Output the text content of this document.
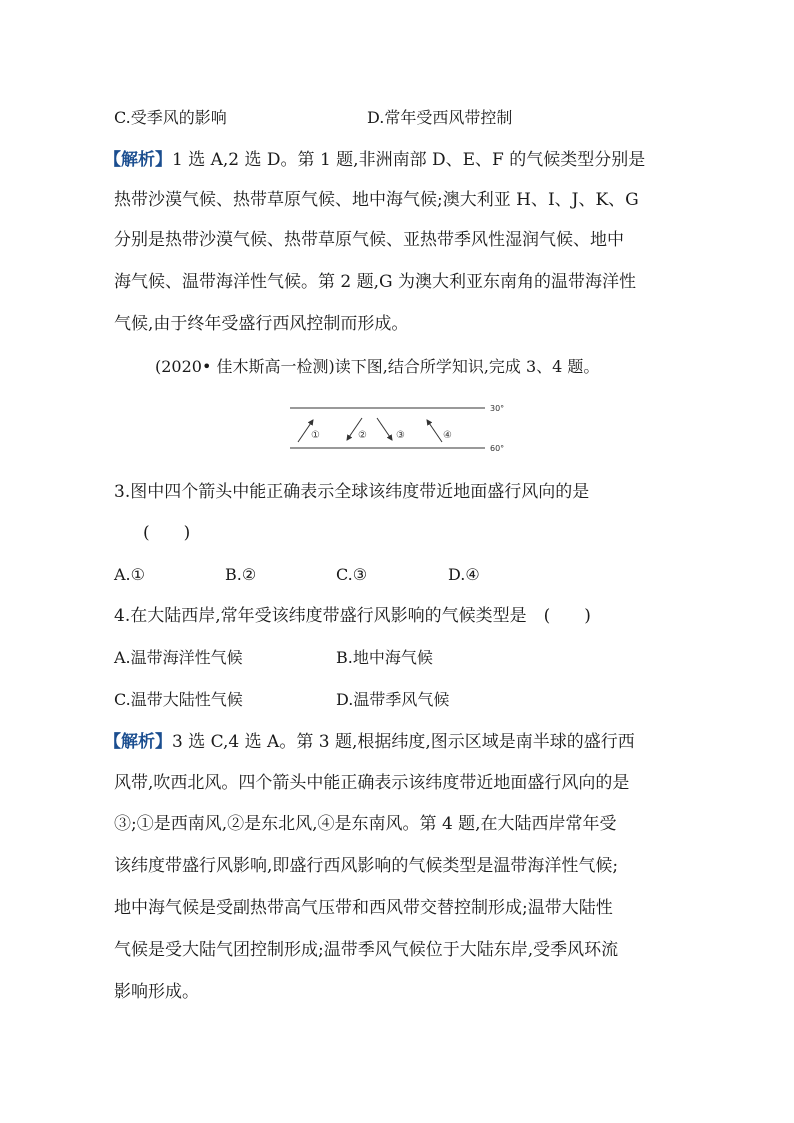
C.受季风的影响	D.常年受西风带控制
【解析】1 选 A,2 选 D。第 1 题,非洲南部 D、E、F 的气候类型分别是
热带沙漠气候、热带草原气候、地中海气候;澳大利亚 H、I、J、K、G
分别是热带沙漠气候、热带草原气候、亚热带季风性湿润气候、地中
海气候、温带海洋性气候。第 2 题,G 为澳大利亚东南角的温带海洋性
气候,由于终年受盛行西风控制而形成。
(2020• 佳木斯高一检测)读下图,结合所学知识,完成 3、4 题。
30°
60°
①	②	③	④
3.图中四个箭头中能正确表示全球该纬度带近地面盛行风向的是
(　　)
A.①	B.②	C.③	D.④
4.在大陆西岸,常年受该纬度带盛行风影响的气候类型是　(　　)
A.温带海洋性气候	B.地中海气候
C.温带大陆性气候	D.温带季风气候
【解析】3 选 C,4 选 A。第 3 题,根据纬度,图示区域是南半球的盛行西
风带,吹西北风。四个箭头中能正确表示该纬度带近地面盛行风向的是
③;①是西南风,②是东北风,④是东南风。第 4 题,在大陆西岸常年受
该纬度带盛行风影响,即盛行西风影响的气候类型是温带海洋性气候;
地中海气候是受副热带高气压带和西风带交替控制形成;温带大陆性
气候是受大陆气团控制形成;温带季风气候位于大陆东岸,受季风环流
影响形成。
